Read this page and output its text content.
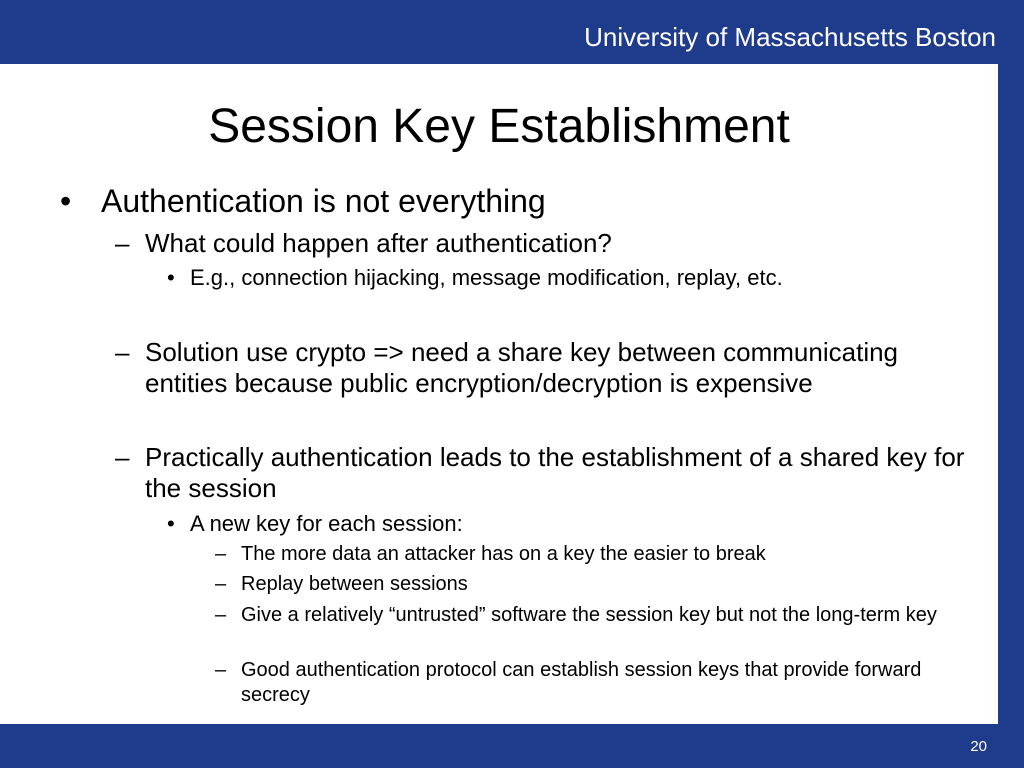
University of Massachusetts Boston
Session Key Establishment
• Authentication is not everything
– What could happen after authentication?
• E.g., connection hijacking, message modification, replay, etc.
– Solution use crypto => need a share key between communicating entities because public encryption/decryption is expensive
– Practically authentication leads to the establishment of a shared key for the session
• A new key for each session:
– The more data an attacker has on a key the easier to break
– Replay between sessions
– Give a relatively “untrusted” software the session key but not the long-term key
– Good authentication protocol can establish session keys that provide forward secrecy
20
